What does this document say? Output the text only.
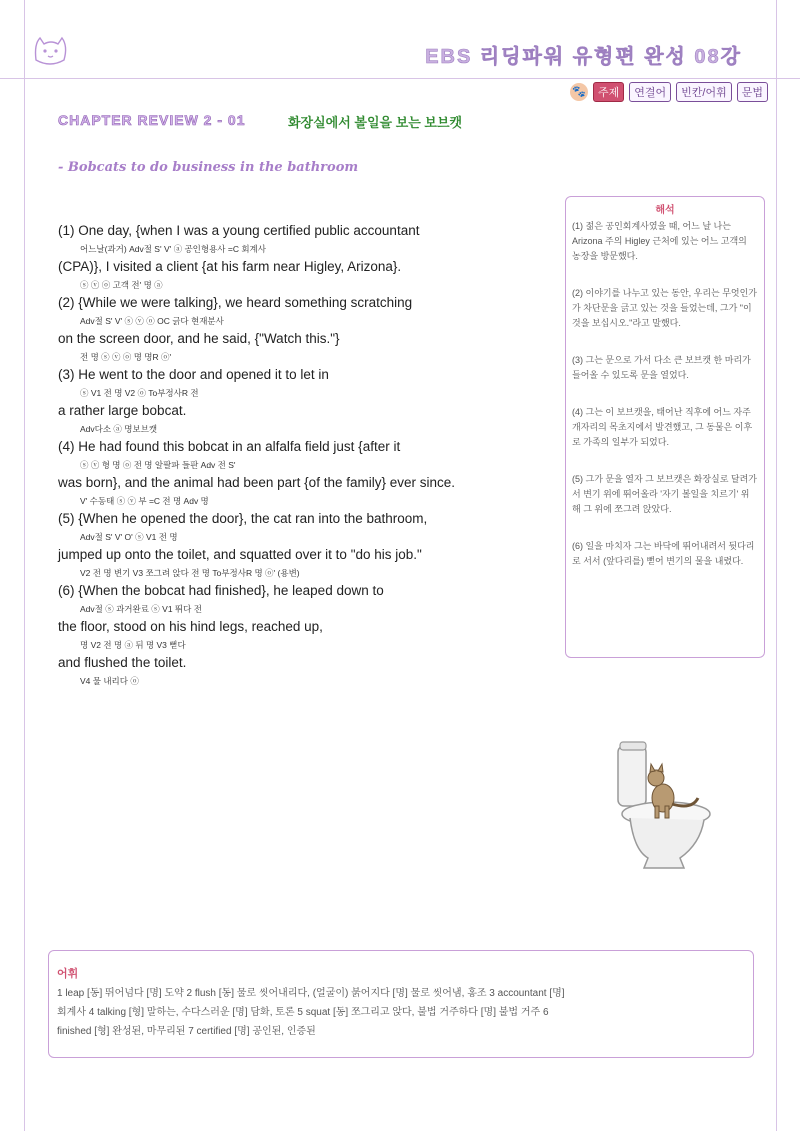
EBS 리딩파워 유형편 완성 08강
🐾	주제	연결어	빈칸/어휘	문법
CHAPTER REVIEW 2 - 01	화장실에서 볼일을 보는 보브캣
- Bobcats to do business in the bathroom
(1) One day, {when I was a young certified public accountant
어느날(과거) Adv절 S' V' ⓐ 공인형용사 =C 회계사
(CPA)}, I visited a client {at his farm near Higley, Arizona}.
ⓢ ⓥ ⓞ 고객 전' 명 ⓐ
(2) {While we were talking}, we heard something scratching
Adv절 S' V' ⓢ ⓥ ⓞ OC 긁다 현재분사
on the screen door, and he said, {"Watch this."}
전 명 ⓢ ⓥ ⓞ 명 명R ⓞ'
(3) He went to the door and opened it to let in
ⓢ V1 전 명 V2 ⓞ To부정사R 전
a rather large bobcat.
Adv다소 ⓐ 명보브캣
(4) He had found this bobcat in an alfalfa field just {after it
ⓢ ⓥ 형 명 ⓞ 전 명 알팔파 들판 Adv 전 S'
was born}, and the animal had been part {of the family} ever since.
V' 수동태 ⓢ ⓥ 부 =C 전 명 Adv 명
(5) {When he opened the door}, the cat ran into the bathroom,
Adv절 S' V' O' ⓢ V1 전 명
jumped up onto the toilet, and squatted over it to "do his job."
V2 전 명 변기 V3 쪼그려 앉다 전 명 To부정사R 명 ⓞ' (용변)
(6) {When the bobcat had finished}, he leaped down to
Adv절 ⓢ 과거완료 ⓢ V1 뛰다 전
the floor, stood on his hind legs, reached up,
명 V2 전 명 ⓐ 뒤 명 V3 뻗다
and flushed the toilet.
V4 물 내리다 ⓞ
해석
(1) 젊은 공인회계사였을 때, 어느 날 나는 Arizona 주의 Higley 근처에 있는 어느 고객의 농장을 방문했다.
(2) 이야기를 나누고 있는 동안, 우리는 무엇인가가 차단문을 긁고 있는 것을 들었는데, 그가 "이것을 보십시오."라고 말했다.
(3) 그는 문으로 가서 다소 큰 보브캣 한 마리가 들어올 수 있도록 문을 열었다.
(4) 그는 이 보브캣을, 태어난 직후에 어느 자주개자리의 목초지에서 발견했고, 그 동물은 이후로 가족의 일부가 되었다.
(5) 그가 문을 열자 그 보브캣은 화장실로 달려가서 변기 위에 뛰어올라 '자기 볼일을 치르기' 위해 그 위에 쪼그려 앉았다.
(6) 일을 마치자 그는 바닥에 뛰어내려서 뒷다리로 서서 (앞다리를) 뻗어 변기의 물을 내렸다.
어휘
1 leap [동] 뛰어넘다 [명] 도약 2 flush [동] 물로 씻어내리다, (얼굴이) 붉어지다 [명] 물로 씻어냄, 홍조 3 accountant [명]
회계사 4 talking [형] 말하는, 수다스러운 [명] 담화, 토론 5 squat [동] 쪼그리고 앉다, 불법 거주하다 [명] 불법 거주 6
finished [형] 완성된, 마무리된 7 certified [명] 공인된, 인증된
